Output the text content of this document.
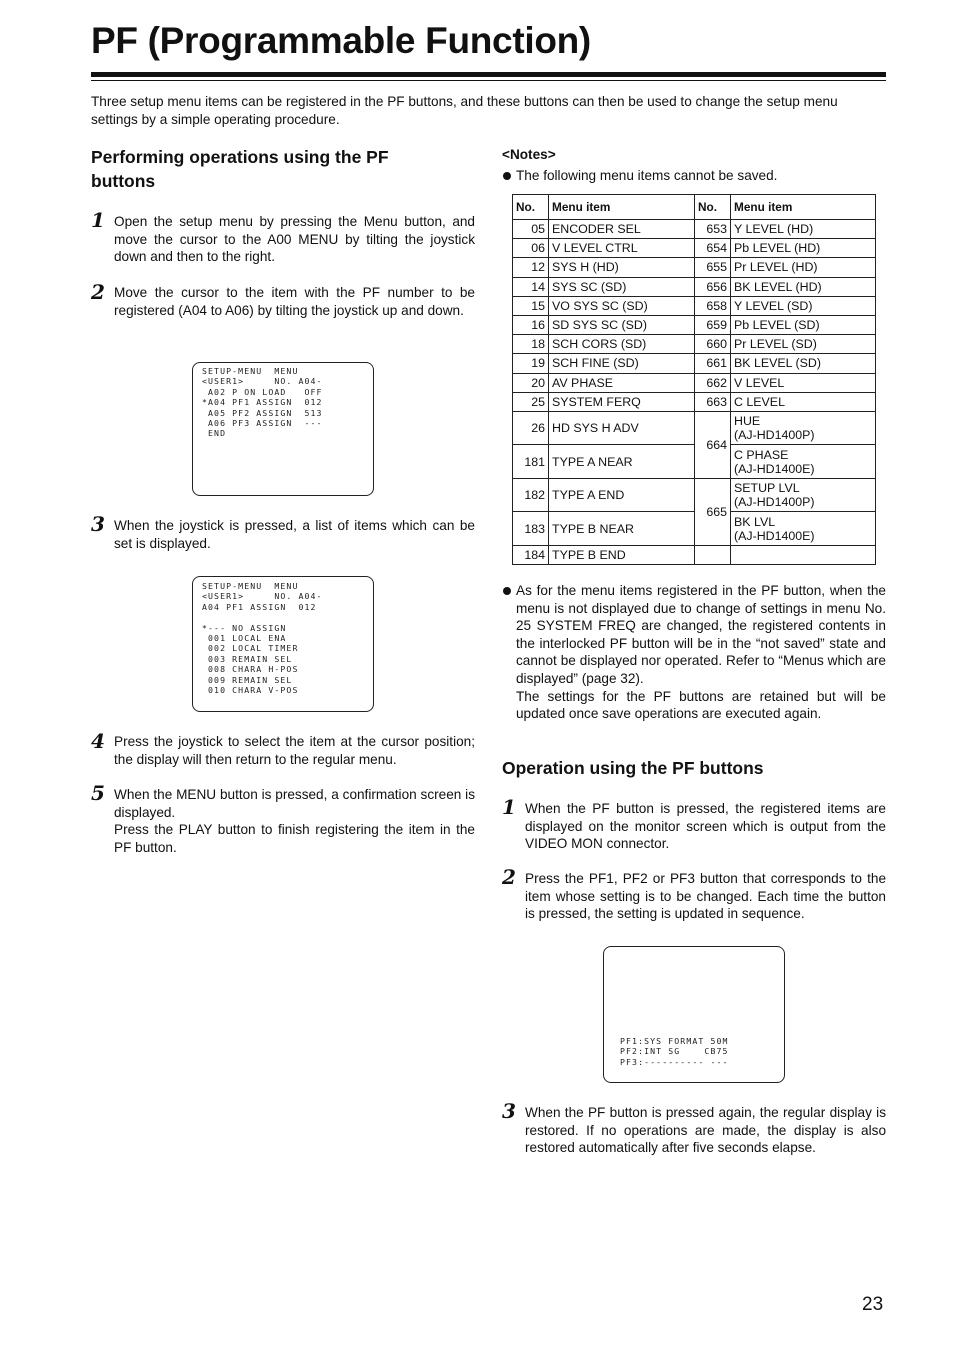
PF (Programmable Function)
Three setup menu items can be registered in the PF buttons, and these buttons can then be used to change the setup menu settings by a simple operating procedure.
Performing operations using the PF
buttons
1 Open the setup menu by pressing the Menu button, and move the cursor to the A00 MENU by tilting the joystick down and then to the right.
2 Move the cursor to the item with the PF number to be registered (A04 to A06) by tilting the joystick up and down.
SETUP-MENU  MENU
<USER1>     NO. A04-
A02 P ON LOAD   OFF
*A04 PF1 ASSIGN  012
A05 PF2 ASSIGN  513
A06 PF3 ASSIGN  ---
END
3 When the joystick is pressed, a list of items which can be set is displayed.
SETUP-MENU  MENU
<USER1>     NO. A04-
A04 PF1 ASSIGN  012

*--- NO ASSIGN
001 LOCAL ENA
002 LOCAL TIMER
003 REMAIN SEL
008 CHARA H-POS
009 REMAIN SEL
010 CHARA V-POS
4 Press the joystick to select the item at the cursor position; the display will then return to the regular menu.
5 When the MENU button is pressed, a confirmation screen is displayed.
Press the PLAY button to finish registering the item in the PF button.
<Notes>
The following menu items cannot be saved.
No.	Menu item	No.	Menu item
05	ENCODER SEL	653	Y LEVEL (HD)
06	V LEVEL CTRL	654	Pb LEVEL (HD)
12	SYS H (HD)	655	Pr LEVEL (HD)
14	SYS SC (SD)	656	BK LEVEL (HD)
15	VO SYS SC (SD)	658	Y LEVEL (SD)
16	SD SYS SC (SD)	659	Pb LEVEL (SD)
18	SCH CORS (SD)	660	Pr LEVEL (SD)
19	SCH FINE (SD)	661	BK LEVEL (SD)
20	AV PHASE	662	V LEVEL
25	SYSTEM FERQ	663	C LEVEL
26	HD SYS H ADV	664	HUE
(AJ-HD1400P)
181	TYPE A NEAR		C PHASE
(AJ-HD1400E)
182	TYPE A END	665	SETUP LVL
(AJ-HD1400P)
183	TYPE B NEAR		BK LVL
(AJ-HD1400E)
184	TYPE B END		
As for the menu items registered in the PF button, when the menu is not displayed due to change of settings in menu No. 25 SYSTEM FREQ are changed, the registered contents in the interlocked PF button will be in the “not saved” state and cannot be displayed nor operated. Refer to “Menus which are displayed” (page 32).
The settings for the PF buttons are retained but will be updated once save operations are executed again.
Operation using the PF buttons
1 When the PF button is pressed, the registered items are displayed on the monitor screen which is output from the VIDEO MON connector.
2 Press the PF1, PF2 or PF3 button that corresponds to the item whose setting is to be changed. Each time the button is pressed, the setting is updated in sequence.
PF1:SYS FORMAT 50M
PF2:INT SG    CB75
PF3:---------- ---
3 When the PF button is pressed again, the regular display is restored. If no operations are made, the display is also restored automatically after five seconds elapse.
23
